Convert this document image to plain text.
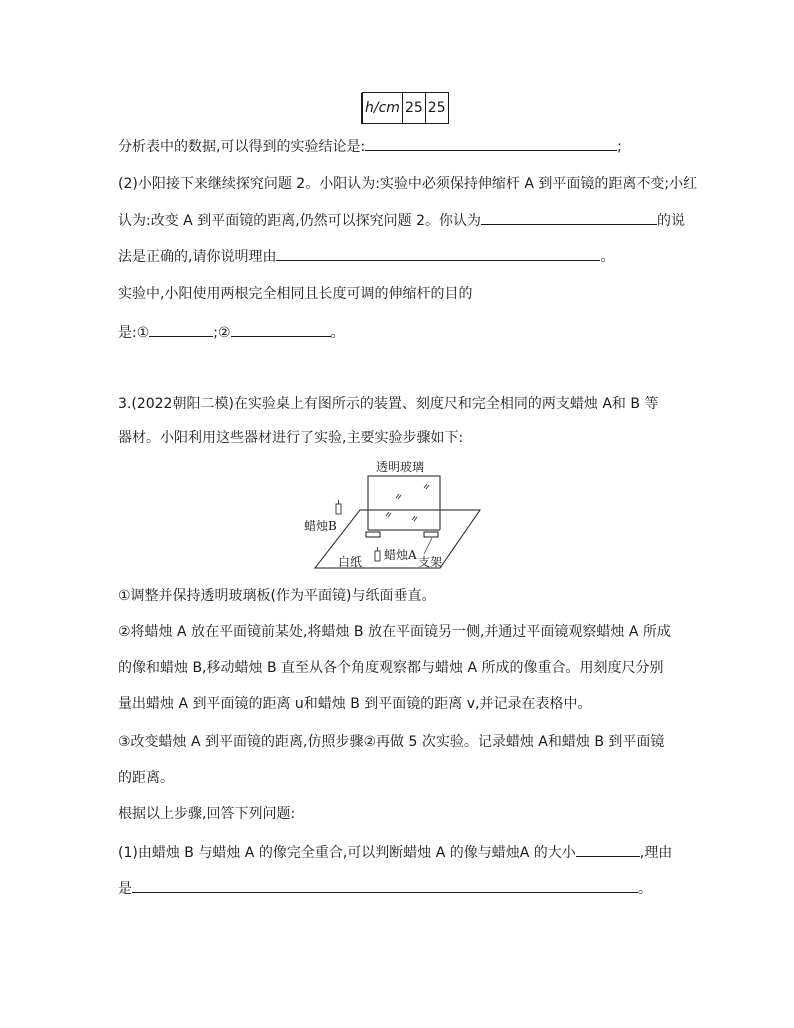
	h/cm	25	25
分析表中的数据,可以得到的实验结论是:	;
(2)小阳接下来继续探究问题 2。小阳认为:实验中必须保持伸缩杆 A 到平面镜的距离不变;小红
认为:改变 A 到平面镜的距离,仍然可以探究问题 2。你认为	的说
法是正确的,请你说明理由	。
实验中,小阳使用两根完全相同且长度可调的伸缩杆的目的
是:①	;②	。
3.(2022朝阳二模)在实验桌上有图所示的装置、刻度尺和完全相同的两支蜡烛 A和 B 等
器材。小阳利用这些器材进行了实验,主要实验步骤如下:
透明玻璃
蜡烛B
蜡烛A
白纸	支架
①调整并保持透明玻璃板(作为平面镜)与纸面垂直。
②将蜡烛 A 放在平面镜前某处,将蜡烛 B 放在平面镜另一侧,并通过平面镜观察蜡烛 A 所成
的像和蜡烛 B,移动蜡烛 B 直至从各个角度观察都与蜡烛 A 所成的像重合。用刻度尺分别
量出蜡烛 A 到平面镜的距离 u和蜡烛 B 到平面镜的距离 v,并记录在表格中。
③改变蜡烛 A 到平面镜的距离,仿照步骤②再做 5 次实验。记录蜡烛 A和蜡烛 B 到平面镜
的距离。
根据以上步骤,回答下列问题:
(1)由蜡烛 B 与蜡烛 A 的像完全重合,可以判断蜡烛 A 的像与蜡烛A 的大小	,理由
是	。
